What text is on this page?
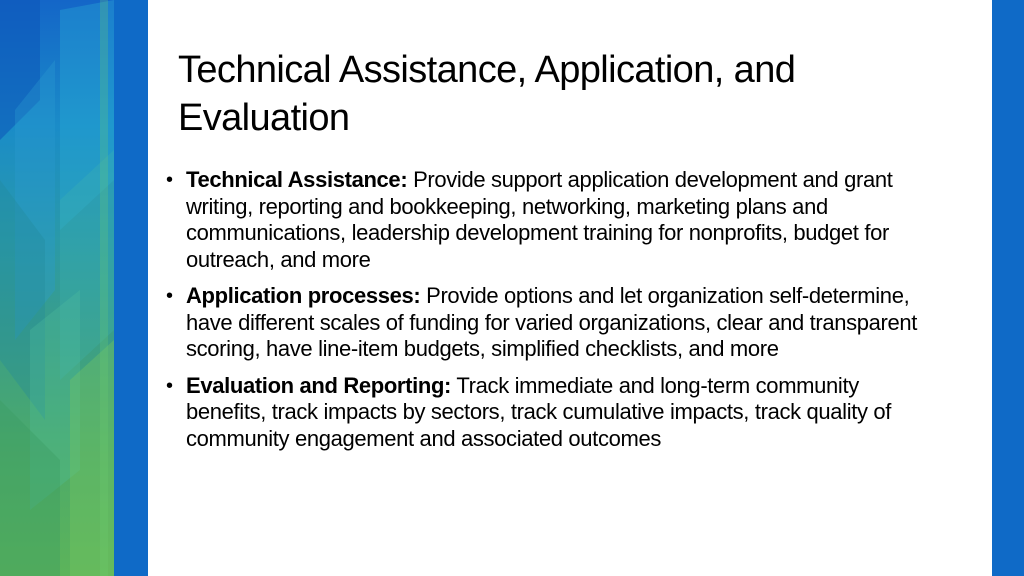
Technical Assistance, Application, and Evaluation
• Technical Assistance: Provide support application development and grant writing, reporting and bookkeeping, networking, marketing plans and communications, leadership development training for nonprofits, budget for outreach, and more
• Application processes: Provide options and let organization self-determine, have different scales of funding for varied organizations, clear and transparent scoring, have line-item budgets, simplified checklists, and more
• Evaluation and Reporting: Track immediate and long-term community benefits, track impacts by sectors, track cumulative impacts, track quality of community engagement and associated outcomes
